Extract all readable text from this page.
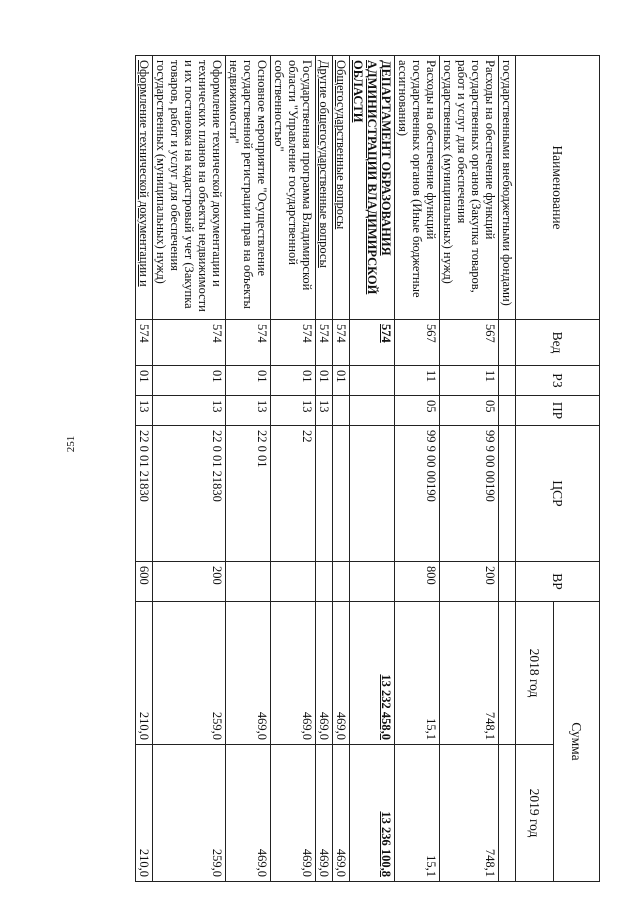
251
Наименование	Вед	РЗ	ПР	ЦСР	ВР	Сумма	
						2018 год	2019 год
государственными внебюджетными фондами)							
Расходы на обеспечение функций государственных органов (Закупка товаров, работ и услуг для обеспечения государственных (муниципальных) нужд)	567	11	05	99 9 00 00190	200	748,1	748,1
Расходы на обеспечение функций государственных органов (Иные бюджетные ассигнования)	567	11	05	99 9 00 00190	800	15,1	15,1
ДЕПАРТАМЕНТ ОБРАЗОВАНИЯ АДМИНИСТРАЦИИ ВЛАДИМИРСКОЙ ОБЛАСТИ	574					13 232 458,0	13 236 100,8
Общегосударственные вопросы	574	01				469,0	469,0
Другие общегосударственные вопросы	574	01	13			469,0	469,0
Государственная программа Владимирской области "Управление государственной собственностью"	574	01	13	22		469,0	469,0
Основное мероприятие "Осуществление государственной регистрации прав на объекты недвижимости"	574	01	13	22 0 01		469,0	469,0
Оформление технической документации и технических планов на объекты недвижимости и их постановка на кадастровый учет (Закупка товаров, работ и услуг для обеспечения государственных (муниципальных) нужд)	574	01	13	22 0 01 21830	200	259,0	259,0
Оформление технической документации и	574	01	13	22 0 01 21830	600	210,0	210,0
